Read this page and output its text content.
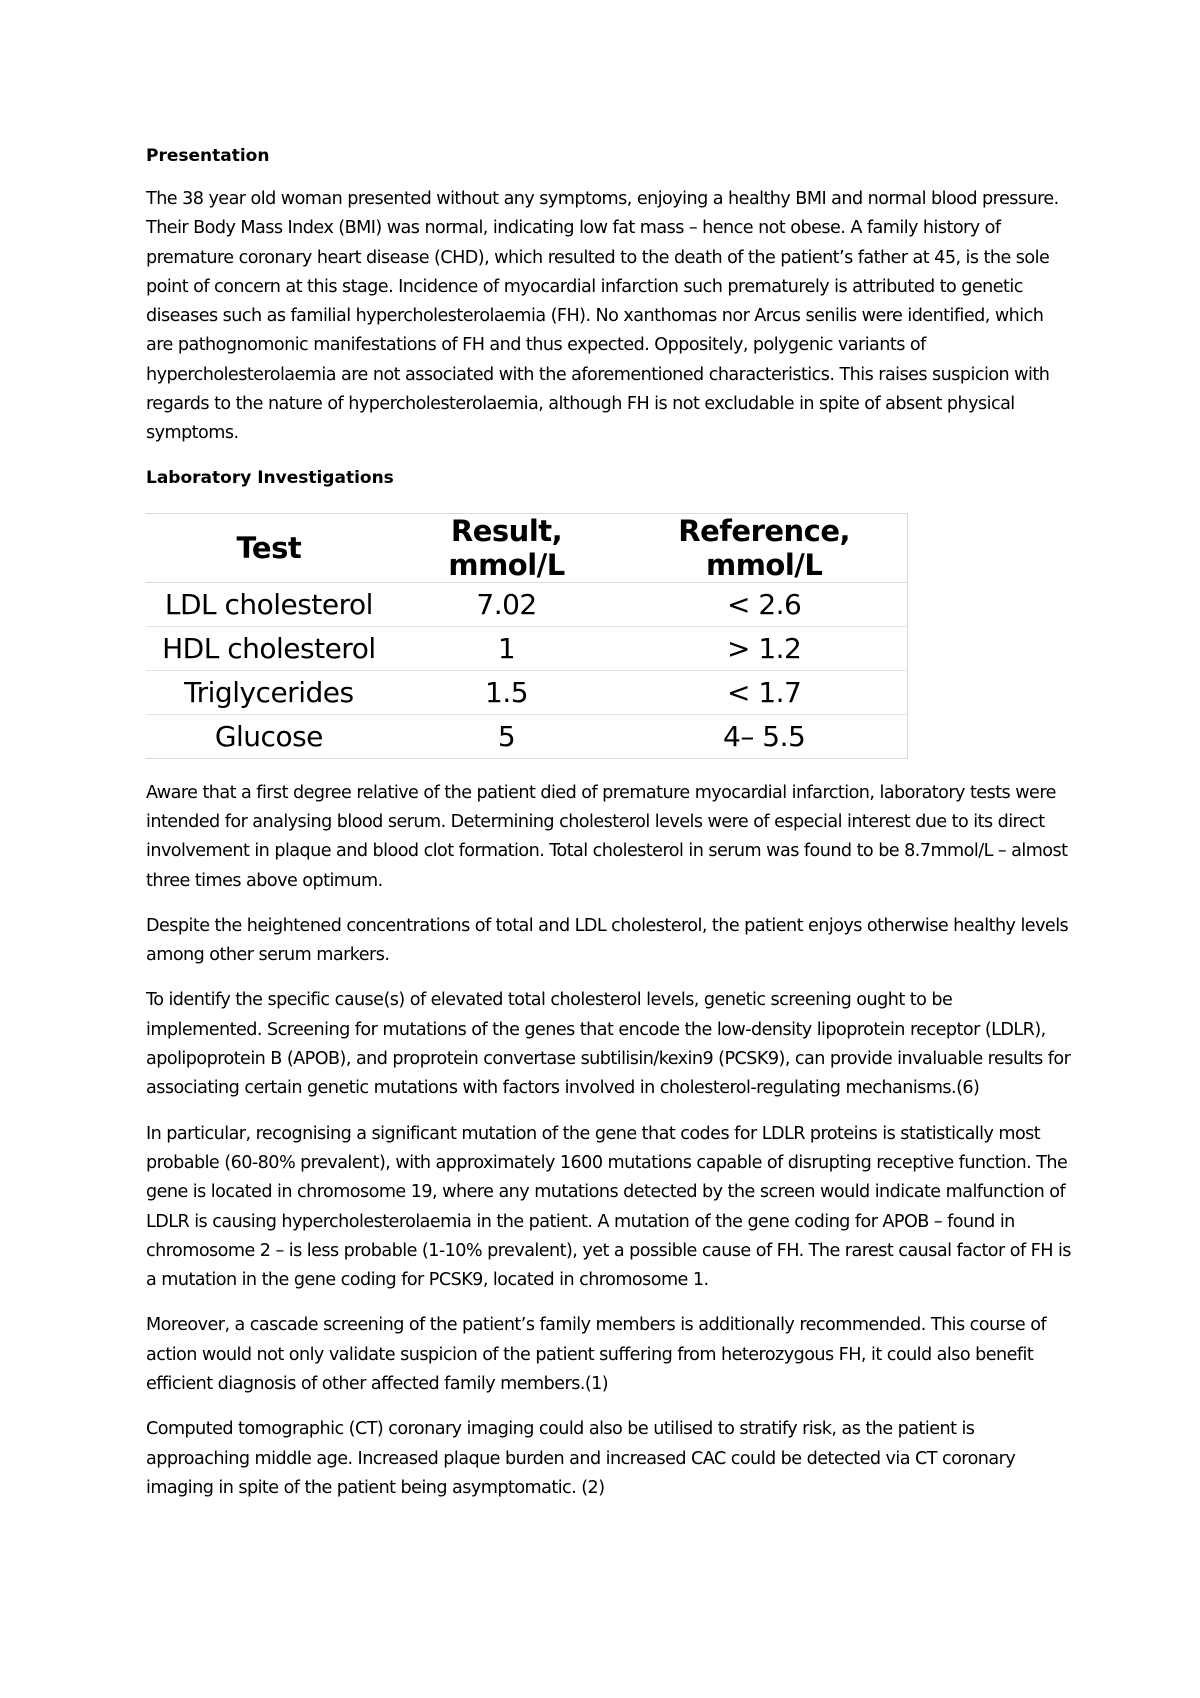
Presentation

The 38 year old woman presented without any symptoms, enjoying a healthy BMI and normal blood pressure. Their Body Mass Index (BMI) was normal, indicating low fat mass – hence not obese. A family history of premature coronary heart disease (CHD), which resulted to the death of the patient’s father at 45, is the sole point of concern at this stage. Incidence of myocardial infarction such prematurely is attributed to genetic diseases such as familial hypercholesterolaemia (FH). No xanthomas nor Arcus senilis were identified, which are pathognomonic manifestations of FH and thus expected. Oppositely, polygenic variants of hypercholesterolaemia are not associated with the aforementioned characteristics. This raises suspicion with regards to the nature of hypercholesterolaemia, although FH is not excludable in spite of absent physical symptoms.

Laboratory Investigations
Test	Result, mmol/L	Reference, mmol/L
LDL cholesterol	7.02	< 2.6
HDL cholesterol	1	> 1.2
Triglycerides	1.5	< 1.7
Glucose	5	4– 5.5

Aware that a first degree relative of the patient died of premature myocardial infarction, laboratory tests were intended for analysing blood serum. Determining cholesterol levels were of especial interest due to its direct involvement in plaque and blood clot formation. Total cholesterol in serum was found to be 8.7mmol/L – almost three times above optimum.

Despite the heightened concentrations of total and LDL cholesterol, the patient enjoys otherwise healthy levels among other serum markers.

To identify the specific cause(s) of elevated total cholesterol levels, genetic screening ought to be implemented. Screening for mutations of the genes that encode the low-density lipoprotein receptor (LDLR), apolipoprotein B (APOB), and proprotein convertase subtilisin/kexin9 (PCSK9), can provide invaluable results for associating certain genetic mutations with factors involved in cholesterol-regulating mechanisms.(6)

In particular, recognising a significant mutation of the gene that codes for LDLR proteins is statistically most probable (60-80% prevalent), with approximately 1600 mutations capable of disrupting receptive function. The gene is located in chromosome 19, where any mutations detected by the screen would indicate malfunction of LDLR is causing hypercholesterolaemia in the patient. A mutation of the gene coding for APOB – found in chromosome 2 – is less probable (1-10% prevalent), yet a possible cause of FH. The rarest causal factor of FH is a mutation in the gene coding for PCSK9, located in chromosome 1.

Moreover, a cascade screening of the patient’s family members is additionally recommended. This course of action would not only validate suspicion of the patient suffering from heterozygous FH, it could also benefit efficient diagnosis of other affected family members.(1)

Computed tomographic (CT) coronary imaging could also be utilised to stratify risk, as the patient is approaching middle age. Increased plaque burden and increased CAC could be detected via CT coronary imaging in spite of the patient being asymptomatic. (2)
